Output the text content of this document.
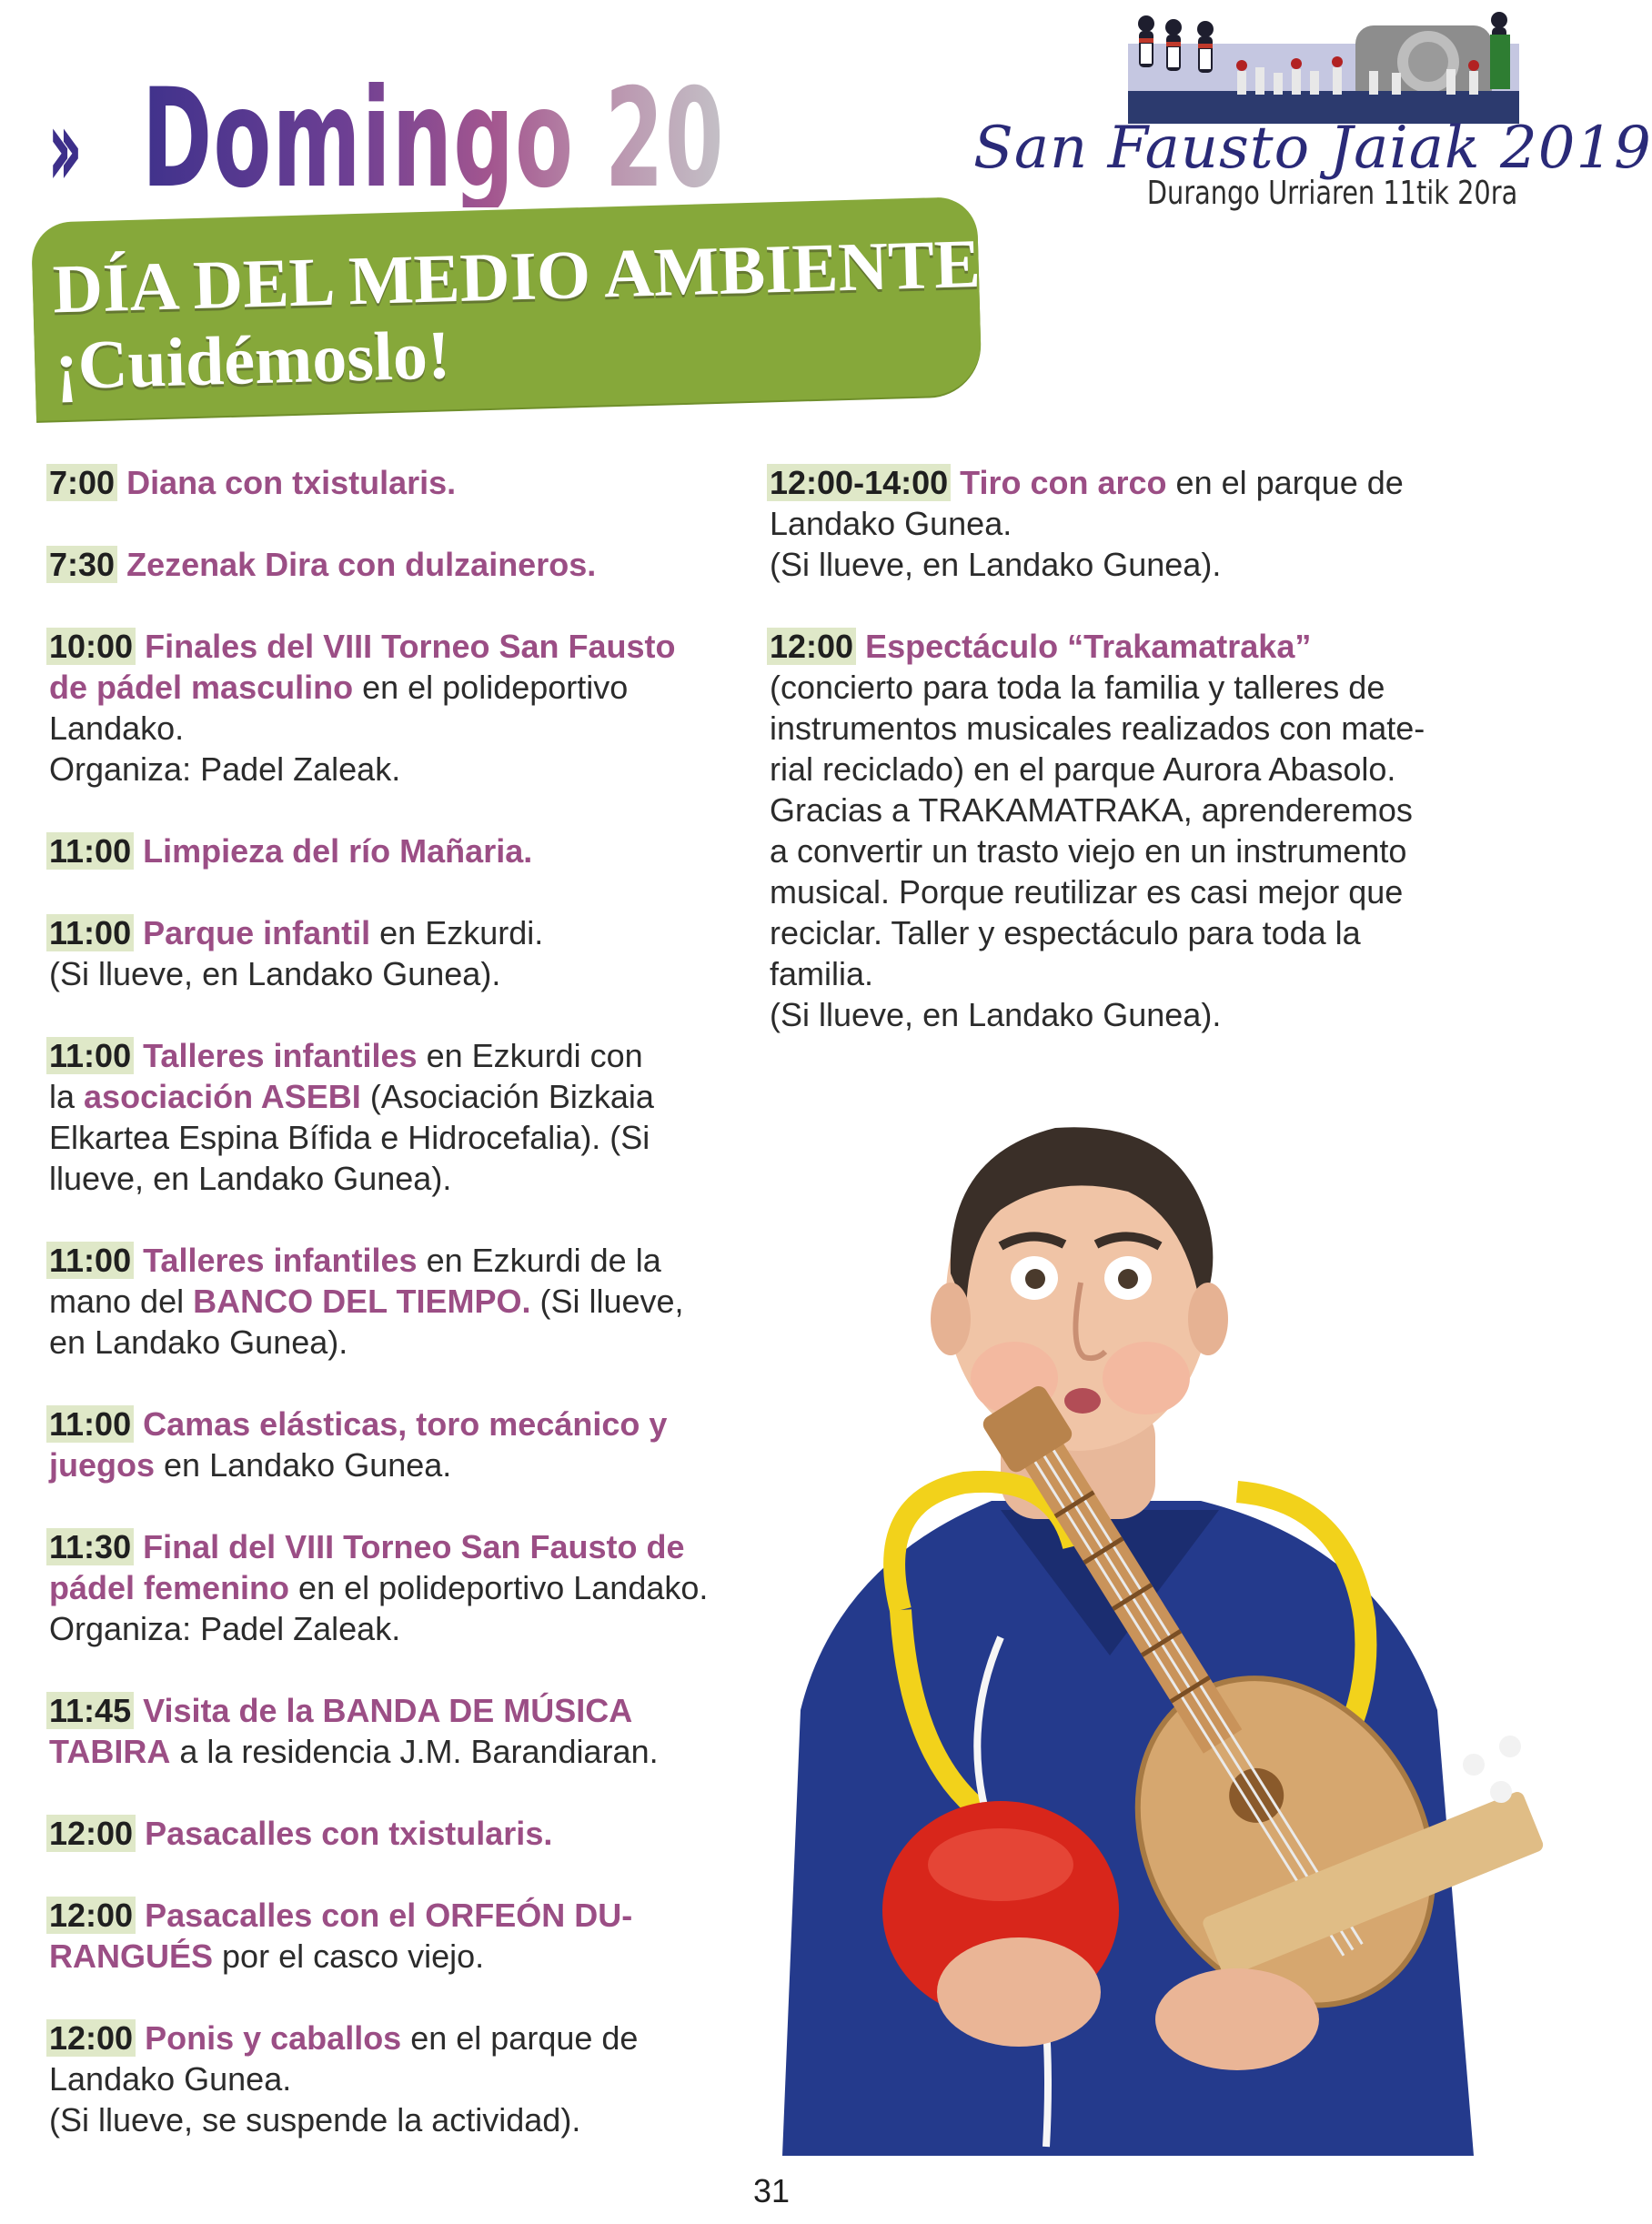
›› Domingo 20	San Fausto Jaiak 2019
Durango Urriaren 11tik 20ra
DÍA DEL MEDIO AMBIENTE
¡Cuidémoslo!
7:00 Diana con txistularis.
7:30 Zezenak Dira con dulzaineros.
10:00 Finales del VIII Torneo San Fausto
de pádel masculino en el polideportivo
Landako.
Organiza: Padel Zaleak.
11:00 Limpieza del río Mañaria.
11:00 Parque infantil en Ezkurdi.
(Si llueve, en Landako Gunea).
11:00 Talleres infantiles en Ezkurdi con
la asociación ASEBI (Asociación Bizkaia
Elkartea Espina Bífida e Hidrocefalia). (Si
llueve, en Landako Gunea).
11:00 Talleres infantiles en Ezkurdi de la
mano del BANCO DEL TIEMPO. (Si llueve,
en Landako Gunea).
11:00 Camas elásticas, toro mecánico y
juegos en Landako Gunea.
11:30 Final del VIII Torneo San Fausto de
pádel femenino en el polideportivo Landako.
Organiza: Padel Zaleak.
11:45 Visita de la BANDA DE MÚSICA
TABIRA a la residencia J.M. Barandiaran.
12:00 Pasacalles con txistularis.
12:00 Pasacalles con el ORFEÓN DU-
RANGUÉS por el casco viejo.
12:00 Ponis y caballos en el parque de
Landako Gunea.
(Si llueve, se suspende la actividad).
12:00-14:00 Tiro con arco en el parque de
Landako Gunea.
(Si llueve, en Landako Gunea).
12:00 Espectáculo “Trakamatraka”
(concierto para toda la familia y talleres de
instrumentos musicales realizados con mate-
rial reciclado) en el parque Aurora Abasolo.
Gracias a TRAKAMATRAKA, aprenderemos
a convertir un trasto viejo en un instrumento
musical. Porque reutilizar es casi mejor que
reciclar. Taller y espectáculo para toda la
familia.
(Si llueve, en Landako Gunea).
31
